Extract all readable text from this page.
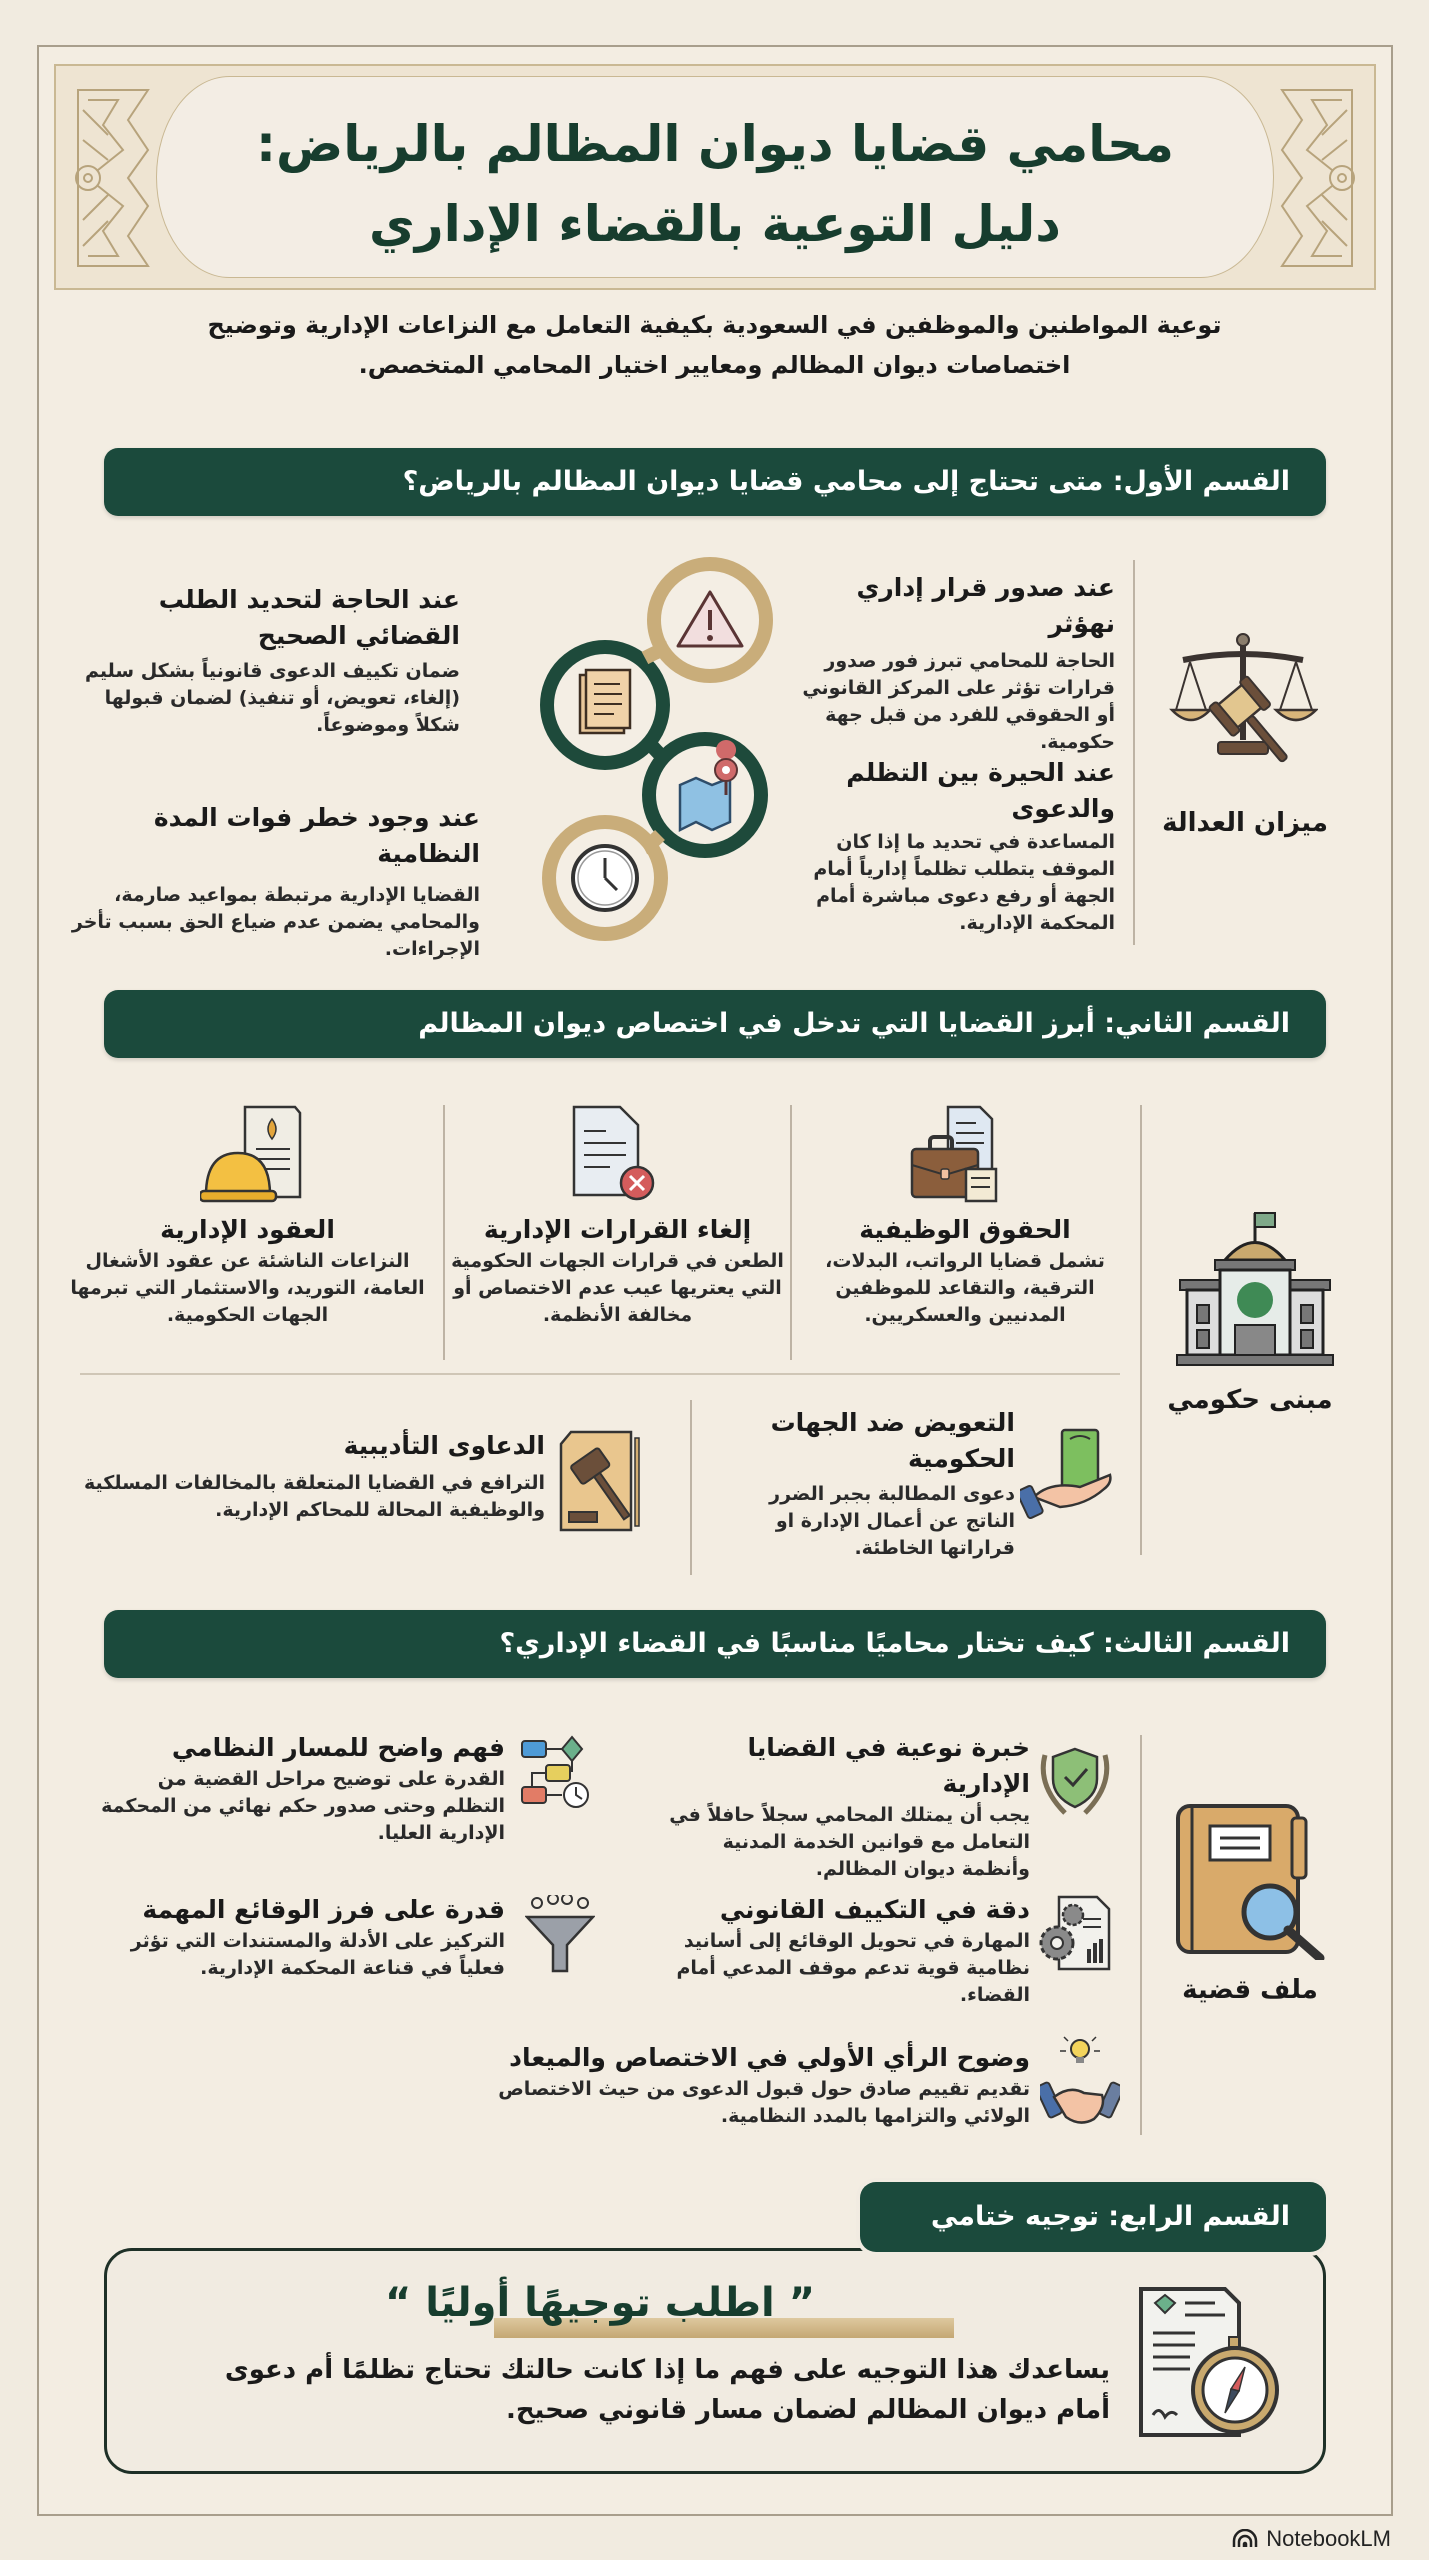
محامي قضايا ديوان المظالم بالرياض:
دليل التوعية بالقضاء الإداري
توعية المواطنين والموظفين في السعودية بكيفية التعامل مع النزاعات الإدارية وتوضيح
اختصاصات ديوان المظالم ومعايير اختيار المحامي المتخصص.
القسم الأول: متى تحتاج إلى محامي قضايا ديوان المظالم بالرياض؟
ميزان العدالة
عند صدور قرار إداري نهؤثر
الحاجة للمحامي تبرز فور صدور قرارات تؤثر على المركز القانوني أو الحقوقي للفرد من قبل جهة حكومية.
عند الحيرة بين التظلم والدعوى
المساعدة في تحديد ما إذا كان الموقف يتطلب تظلماً إدارياً أمام الجهة أو رفع دعوى مباشرة أمام المحكمة الإدارية.
عند الحاجة لتحديد الطلب القضائي الصحيح
ضمان تكييف الدعوى قانونياً بشكل سليم (إلغاء، تعويض، أو تنفيذ) لضمان قبولها شكلاً وموضوعاً.
عند وجود خطر فوات المدة النظامية
القضايا الإدارية مرتبطة بمواعيد صارمة، والمحامي يضمن عدم ضياع الحق بسبب تأخر الإجراءات.
القسم الثاني: أبرز القضايا التي تدخل في اختصاص ديوان المظالم
مبنى حكومي
الحقوق الوظيفية
تشمل قضايا الرواتب، البدلات، الترقية، والتقاعد للموظفين المدنيين والعسكريين.
إلغاء القرارات الإدارية
الطعن في قرارات الجهات الحكومية التي يعتريها عيب عدم الاختصاص أو مخالفة الأنظمة.
العقود الإدارية
النزاعات الناشئة عن عقود الأشغال العامة، التوريد، والاستثمار التي تبرمها الجهات الحكومية.
التعويض ضد الجهات الحكومية
دعوى المطالبة بجبر الضرر الناتج عن أعمال الإدارة او قراراتها الخاطئة.
الدعاوى التأديبية
الترافع في القضايا المتعلقة بالمخالفات المسلكية والوظيفية المحالة للمحاكم الإدارية.
القسم الثالث: كيف تختار محاميًا مناسبًا في القضاء الإداري؟
ملف قضية
خبرة نوعية في القضايا الإدارية
يجب أن يمتلك المحامي سجلاً حافلاً في التعامل مع قوانين الخدمة المدنية وأنظمة ديوان المظالم.
دقة في التكييف القانوني
المهارة في تحويل الوقائع إلى أسانيد نظامية قوية تدعم موقف المدعي أمام القضاء.
فهم واضح للمسار النظامي
القدرة على توضيح مراحل القضية من التظلم وحتى صدور حكم نهائي من المحكمة الإدارية العليا.
قدرة على فرز الوقائع المهمة
التركيز على الأدلة والمستندات التي تؤثر فعلياً في قناعة المحكمة الإدارية.
وضوح الرأي الأولي في الاختصاص والميعاد
تقديم تقييم صادق حول قبول الدعوى من حيث الاختصاص الولائي والتزامها بالمدد النظامية.
القسم الرابع: توجيه ختامي
” اطلب توجيهًا أوليًا “
يساعدك هذا التوجيه على فهم ما إذا كانت حالتك تحتاج تظلمًا أم دعوى
أمام ديوان المظالم لضمان مسار قانوني صحيح.
NotebookLM
